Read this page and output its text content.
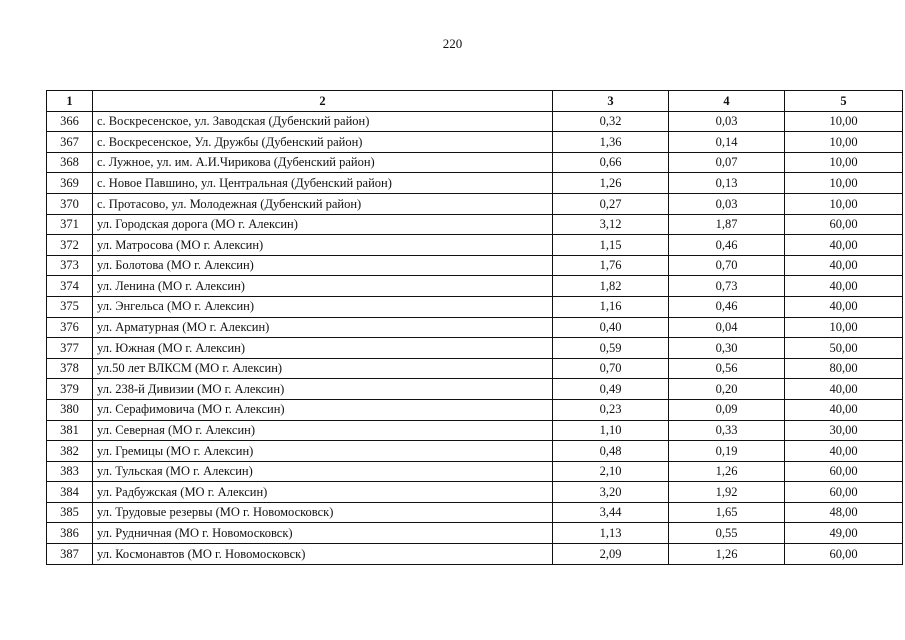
220
1	2	3	4	5
366	с. Воскресенское, ул. Заводская (Дубенский район)	0,32	0,03	10,00
367	с. Воскресенское, Ул. Дружбы (Дубенский район)	1,36	0,14	10,00
368	с. Лужное, ул. им. А.И.Чирикова (Дубенский район)	0,66	0,07	10,00
369	с. Новое Павшино, ул. Центральная (Дубенский район)	1,26	0,13	10,00
370	с. Протасово, ул. Молодежная (Дубенский район)	0,27	0,03	10,00
371	ул. Городская дорога (МО г. Алексин)	3,12	1,87	60,00
372	ул. Матросова (МО г. Алексин)	1,15	0,46	40,00
373	ул. Болотова (МО г. Алексин)	1,76	0,70	40,00
374	ул. Ленина (МО г. Алексин)	1,82	0,73	40,00
375	ул. Энгельса (МО г. Алексин)	1,16	0,46	40,00
376	ул. Арматурная (МО г. Алексин)	0,40	0,04	10,00
377	ул. Южная (МО г. Алексин)	0,59	0,30	50,00
378	ул.50 лет ВЛКСМ (МО г. Алексин)	0,70	0,56	80,00
379	ул. 238-й Дивизии (МО г. Алексин)	0,49	0,20	40,00
380	ул. Серафимовича (МО г. Алексин)	0,23	0,09	40,00
381	ул. Северная (МО г. Алексин)	1,10	0,33	30,00
382	ул. Гремицы (МО г. Алексин)	0,48	0,19	40,00
383	ул. Тульская (МО г. Алексин)	2,10	1,26	60,00
384	ул. Радбужская (МО г. Алексин)	3,20	1,92	60,00
385	ул. Трудовые резервы (МО г. Новомосковск)	3,44	1,65	48,00
386	ул. Рудничная (МО г. Новомосковск)	1,13	0,55	49,00
387	ул. Космонавтов (МО г. Новомосковск)	2,09	1,26	60,00
